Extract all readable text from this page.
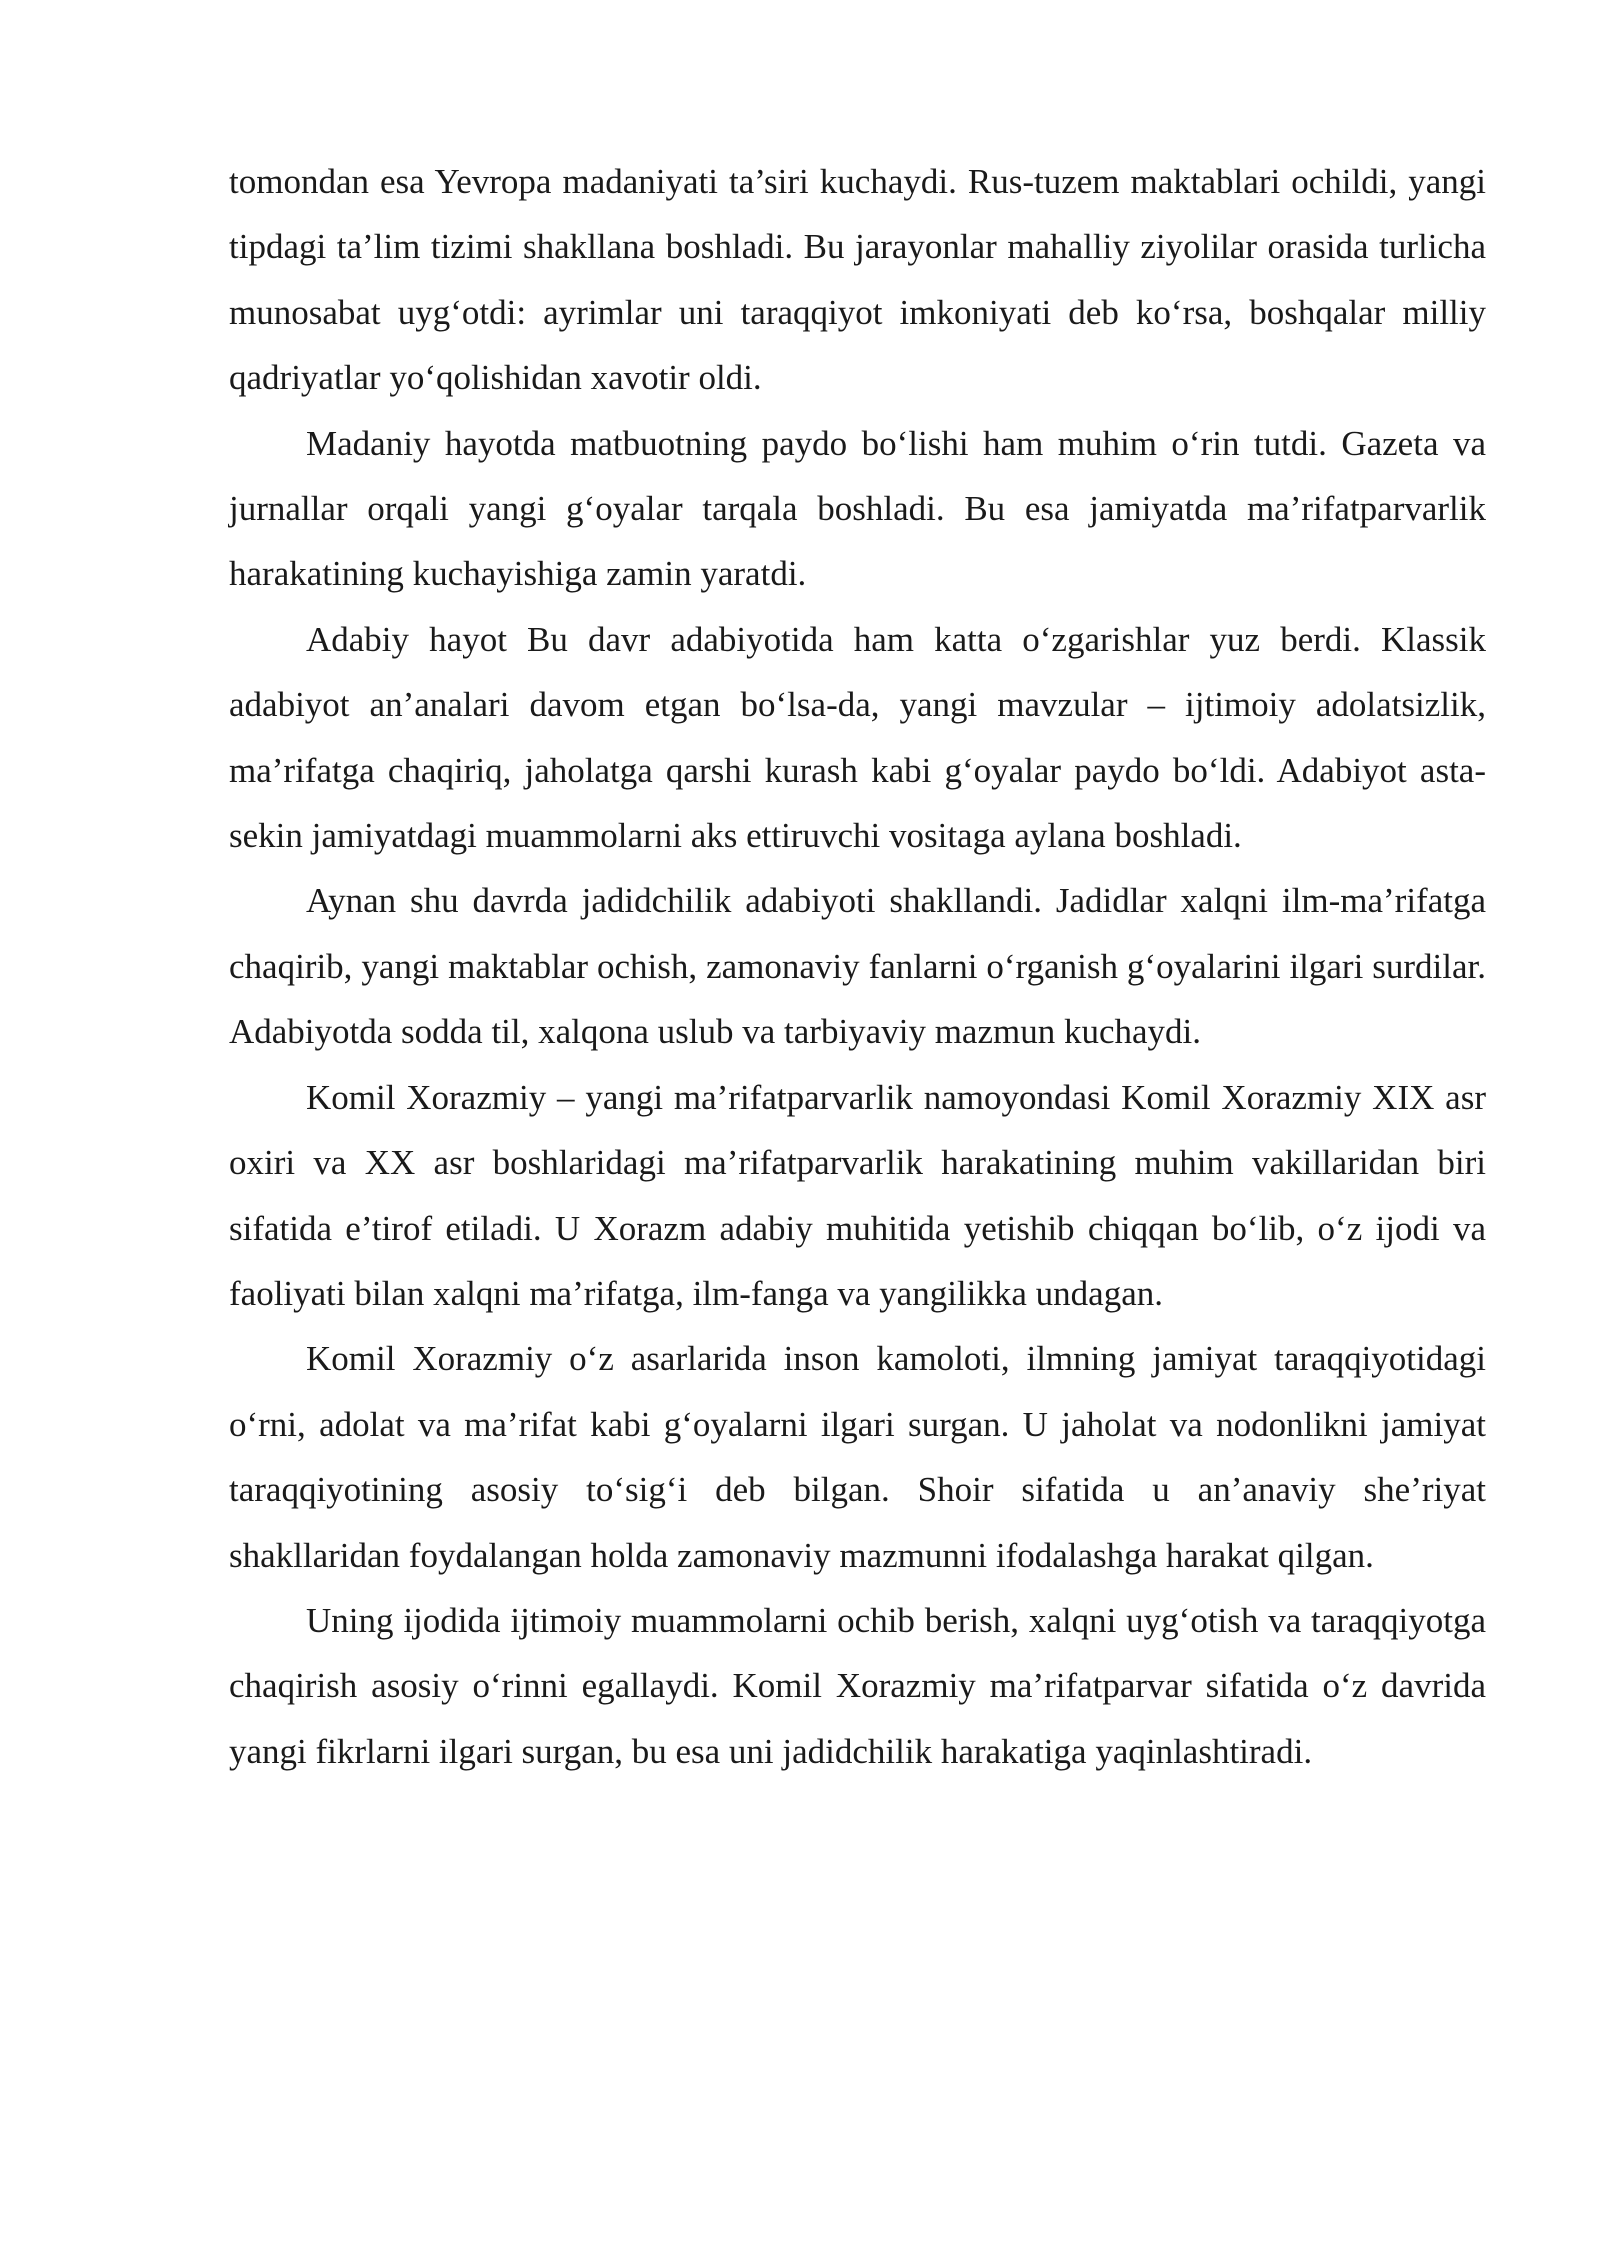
tomondan esa Yevropa madaniyati ta’siri kuchaydi. Rus-tuzem maktablari ochildi, yangi tipdagi ta’lim tizimi shakllana boshladi. Bu jarayonlar mahalliy ziyolilar orasida turlicha munosabat uyg‘otdi: ayrimlar uni taraqqiyot imkoniyati deb ko‘rsa, boshqalar milliy qadriyatlar yo‘qolishidan xavotir oldi.

Madaniy hayotda matbuotning paydo bo‘lishi ham muhim o‘rin tutdi. Gazeta va jurnallar orqali yangi g‘oyalar tarqala boshladi. Bu esa jamiyatda ma’rifatparvarlik harakatining kuchayishiga zamin yaratdi.

Adabiy hayot Bu davr adabiyotida ham katta o‘zgarishlar yuz berdi. Klassik adabiyot an’analari davom etgan bo‘lsa-da, yangi mavzular – ijtimoiy adolatsizlik, ma’rifatga chaqiriq, jaholatga qarshi kurash kabi g‘oyalar paydo bo‘ldi. Adabiyot asta-sekin jamiyatdagi muammolarni aks ettiruvchi vositaga aylana boshladi.

Aynan shu davrda jadidchilik adabiyoti shakllandi. Jadidlar xalqni ilm-ma’rifatga chaqirib, yangi maktablar ochish, zamonaviy fanlarni o‘rganish g‘oyalarini ilgari surdilar. Adabiyotda sodda til, xalqona uslub va tarbiyaviy mazmun kuchaydi.

Komil Xorazmiy – yangi ma’rifatparvarlik namoyondasi Komil Xorazmiy XIX asr oxiri va XX asr boshlaridagi ma’rifatparvarlik harakatining muhim vakillaridan biri sifatida e’tirof etiladi. U Xorazm adabiy muhitida yetishib chiqqan bo‘lib, o‘z ijodi va faoliyati bilan xalqni ma’rifatga, ilm-fanga va yangilikka undagan.

Komil Xorazmiy o‘z asarlarida inson kamoloti, ilmning jamiyat taraqqiyotidagi o‘rni, adolat va ma’rifat kabi g‘oyalarni ilgari surgan. U jaholat va nodonlikni jamiyat taraqqiyotining asosiy to‘sig‘i deb bilgan. Shoir sifatida u an’anaviy she’riyat shakllaridan foydalangan holda zamonaviy mazmunni ifodalashga harakat qilgan.

Uning ijodida ijtimoiy muammolarni ochib berish, xalqni uyg‘otish va taraqqiyotga chaqirish asosiy o‘rinni egallaydi. Komil Xorazmiy ma’rifatparvar sifatida o‘z davrida yangi fikrlarni ilgari surgan, bu esa uni jadidchilik harakatiga yaqinlashtiradi.
